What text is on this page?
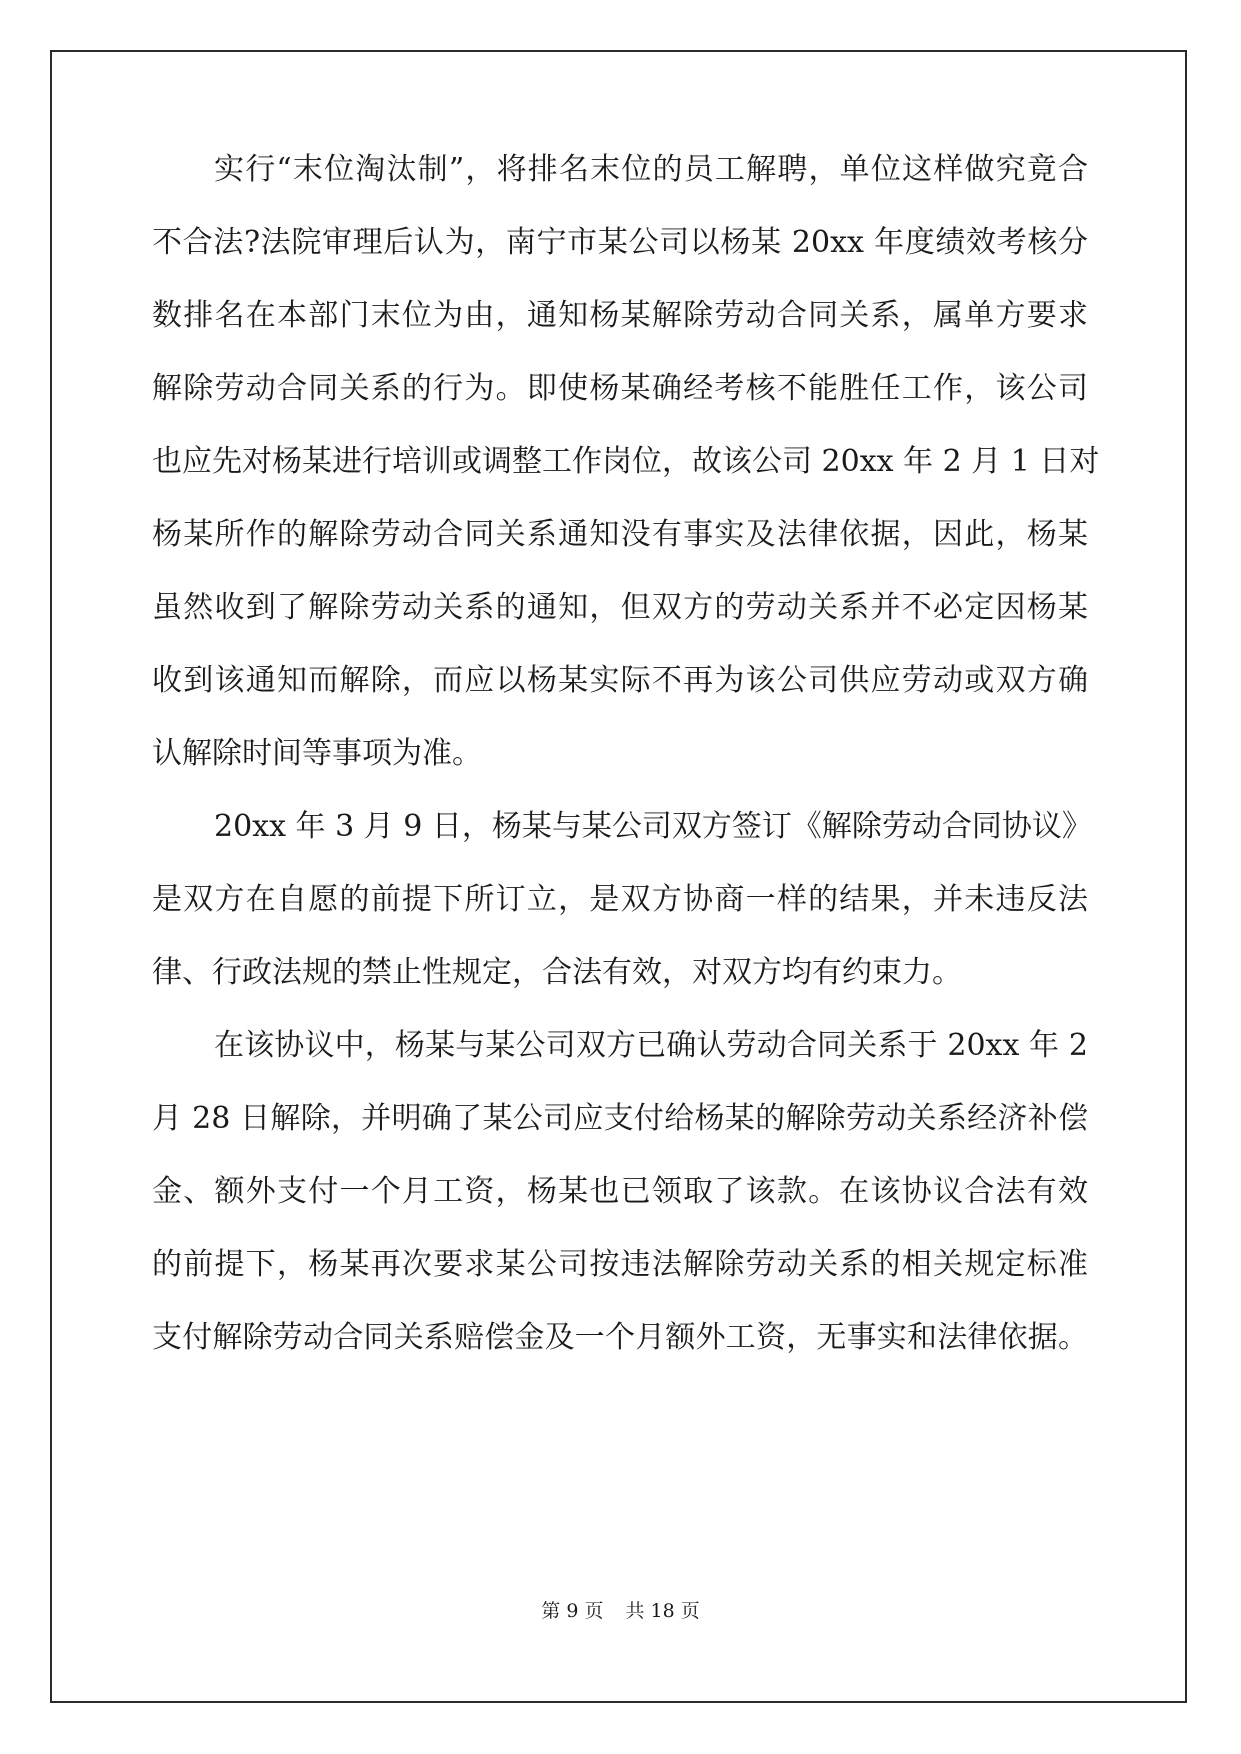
实行“末位淘汰制”，将排名末位的员工解聘，单位这样做究竟合
不合法?法院审理后认为，南宁市某公司以杨某 20xx 年度绩效考核分
数排名在本部门末位为由，通知杨某解除劳动合同关系，属单方要求
解除劳动合同关系的行为。即使杨某确经考核不能胜任工作，该公司
也应先对杨某进行培训或调整工作岗位，故该公司 20xx 年 2 月 1 日对
杨某所作的解除劳动合同关系通知没有事实及法律依据，因此，杨某
虽然收到了解除劳动关系的通知，但双方的劳动关系并不必定因杨某
收到该通知而解除，而应以杨某实际不再为该公司供应劳动或双方确
认解除时间等事项为准。
20xx 年 3 月 9 日，杨某与某公司双方签订《解除劳动合同协议》
是双方在自愿的前提下所订立，是双方协商一样的结果，并未违反法
律、行政法规的禁止性规定，合法有效，对双方均有约束力。
在该协议中，杨某与某公司双方已确认劳动合同关系于 20xx 年 2
月 28 日解除，并明确了某公司应支付给杨某的解除劳动关系经济补偿
金、额外支付一个月工资，杨某也已领取了该款。在该协议合法有效
的前提下，杨某再次要求某公司按违法解除劳动关系的相关规定标准
支付解除劳动合同关系赔偿金及一个月额外工资，无事实和法律依据。
第 9 页 共 18 页
